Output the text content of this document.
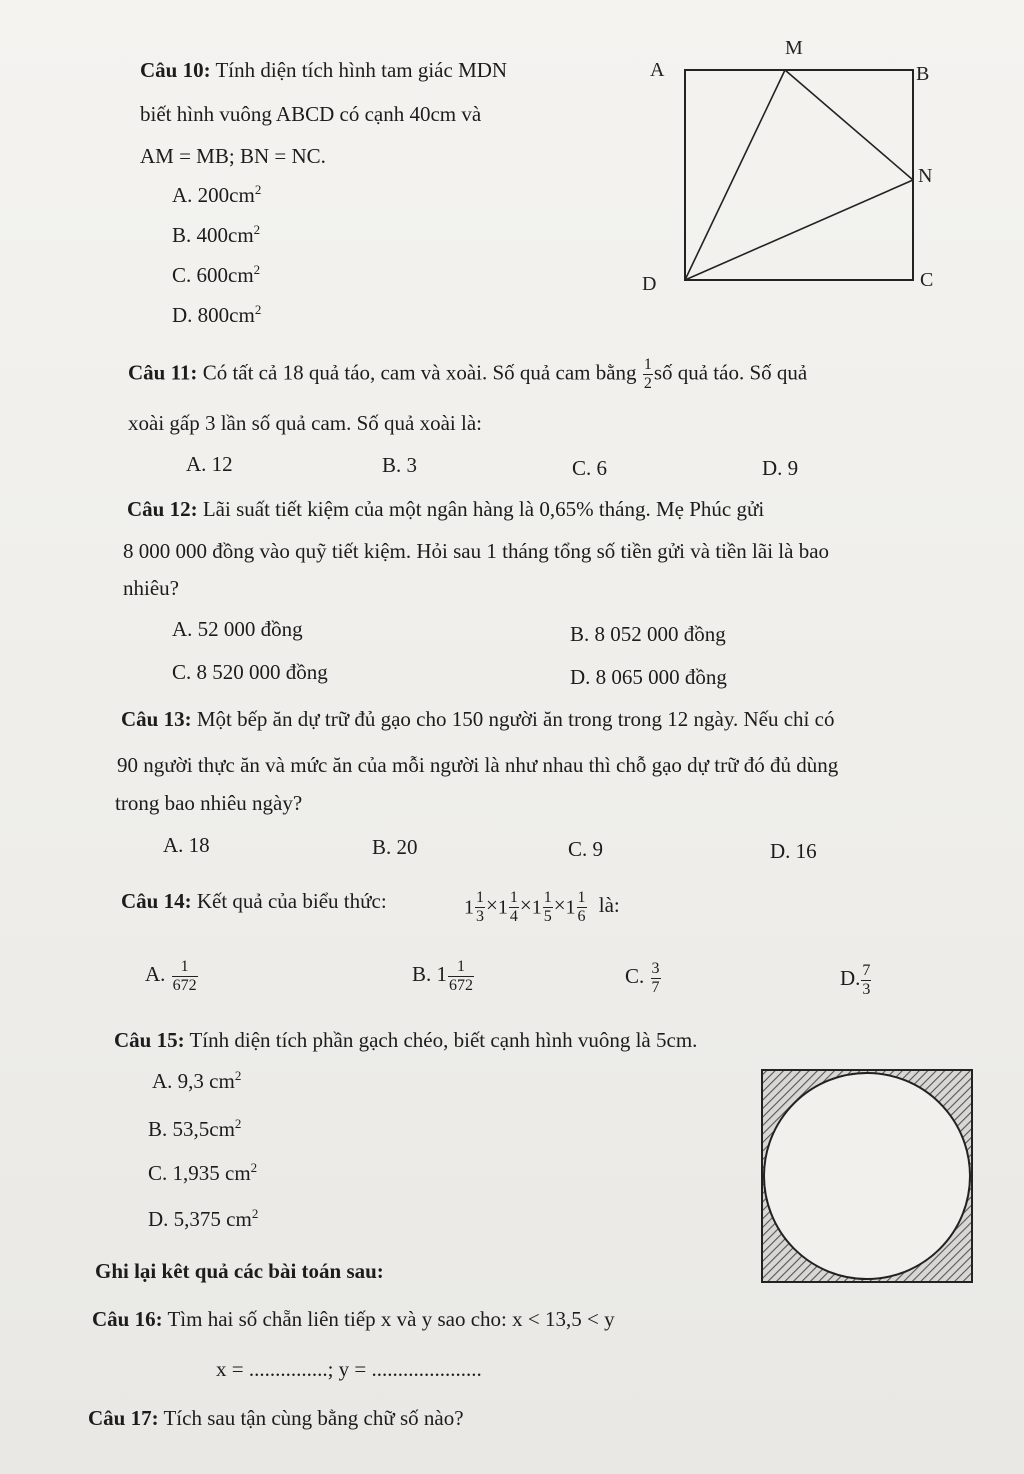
Câu 10: Tính diện tích hình tam giác MDN
biết hình vuông ABCD có cạnh 40cm và
AM = MB; BN = NC.
A. $200cm^2$
B. $400cm^2$
C. $600cm^2$
D. $800cm^2$
M
A	B
N
D	C
Câu 11: Có tất cả 18 quả táo, cam và xoài. Số quả cam bằng $\frac{1}{2}$ số quả táo. Số quả
xoài gấp 3 lần số quả cam. Số quả xoài là:
A. 12	B. 3	C. 6	D. 9
Câu 12: Lãi suất tiết kiệm của một ngân hàng là 0,65% tháng. Mẹ Phúc gửi
8 000 000 đồng vào quỹ tiết kiệm. Hỏi sau 1 tháng tổng số tiền gửi và tiền lãi là bao
nhiêu?
A. 52 000 đồng	B. 8 052 000 đồng
C. 8 520 000 đồng	D. 8 065 000 đồng
Câu 13: Một bếp ăn dự trữ đủ gạo cho 150 người ăn trong trong 12 ngày. Nếu chỉ có
90 người thực ăn và mức ăn của mỗi người là như nhau thì chỗ gạo dự trữ đó đủ dùng
trong bao nhiêu ngày?
A. 18	B. 20	C. 9	D. 16
Câu 14: Kết quả của biểu thức:	$1 \frac{1}{3} \times 1 \frac{1}{4} \times 1 \frac{1}{5} \times 1 \frac{1}{6}$ là:
A. $\frac{1}{672}$	B. $1 \frac{1}{672}$	C. $\frac{3}{7}$	D. $\frac{7}{3}$
Câu 15: Tính diện tích phần gạch chéo, biết cạnh hình vuông là 5cm.
A. 9,3 $cm^2$
B. $53,5cm^2$
C. 1,935 $cm^2$
D. 5,375 $cm^2$
Ghi lại kêt quả các bài toán sau:
Câu 16: Tìm hai số chẵn liên tiếp x và y sao cho: x < 13,5 < y
x = ...............; y = .....................
Câu 17: Tích sau tận cùng bằng chữ số nào?
